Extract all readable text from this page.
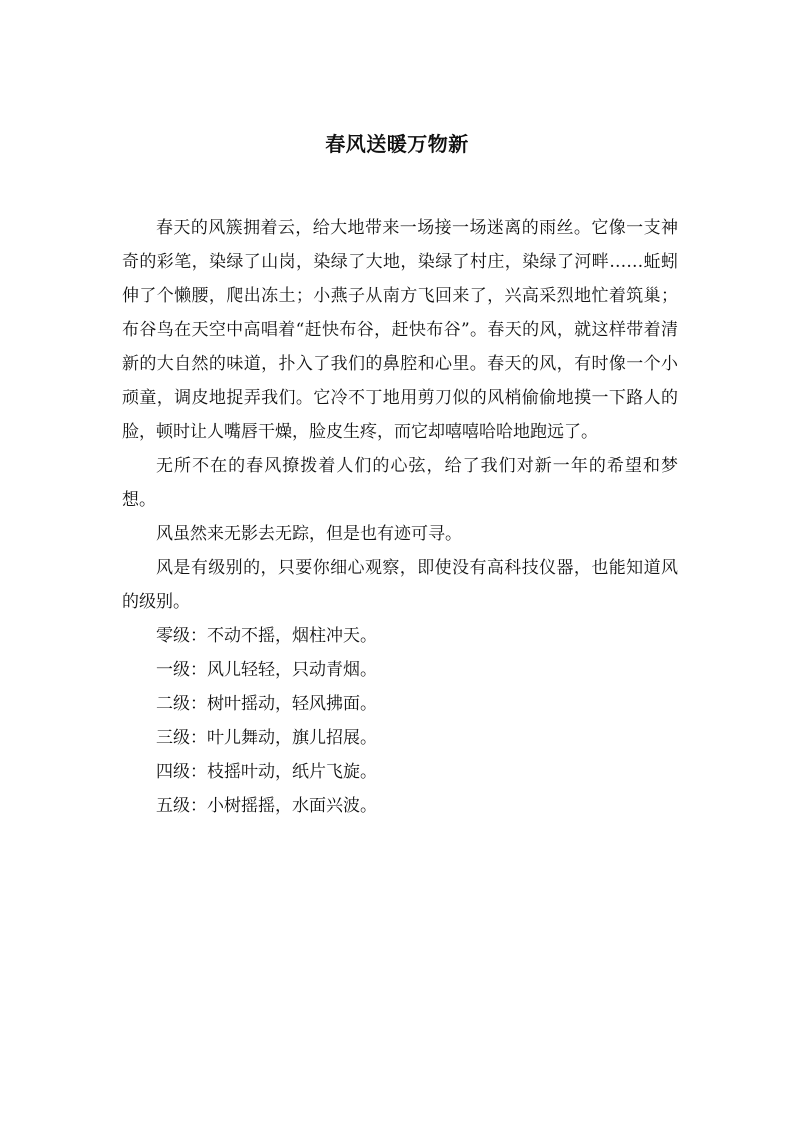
春风送暖万物新

春天的风簇拥着云，给大地带来一场接一场迷离的雨丝。它像一支神奇的彩笔，染绿了山岗，染绿了大地，染绿了村庄，染绿了河畔……蚯蚓伸了个懒腰，爬出冻土；小燕子从南方飞回来了，兴高采烈地忙着筑巢；布谷鸟在天空中高唱着“赶快布谷，赶快布谷”。春天的风，就这样带着清新的大自然的味道，扑入了我们的鼻腔和心里。春天的风，有时像一个小顽童，调皮地捉弄我们。它冷不丁地用剪刀似的风梢偷偷地摸一下路人的脸，顿时让人嘴唇干燥，脸皮生疼，而它却嘻嘻哈哈地跑远了。

无所不在的春风撩拨着人们的心弦，给了我们对新一年的希望和梦想。

风虽然来无影去无踪，但是也有迹可寻。

风是有级别的，只要你细心观察，即使没有高科技仪器，也能知道风的级别。

零级：不动不摇，烟柱冲天。

一级：风儿轻轻，只动青烟。

二级：树叶摇动，轻风拂面。

三级：叶儿舞动，旗儿招展。

四级：枝摇叶动，纸片飞旋。

五级：小树摇摇，水面兴波。
